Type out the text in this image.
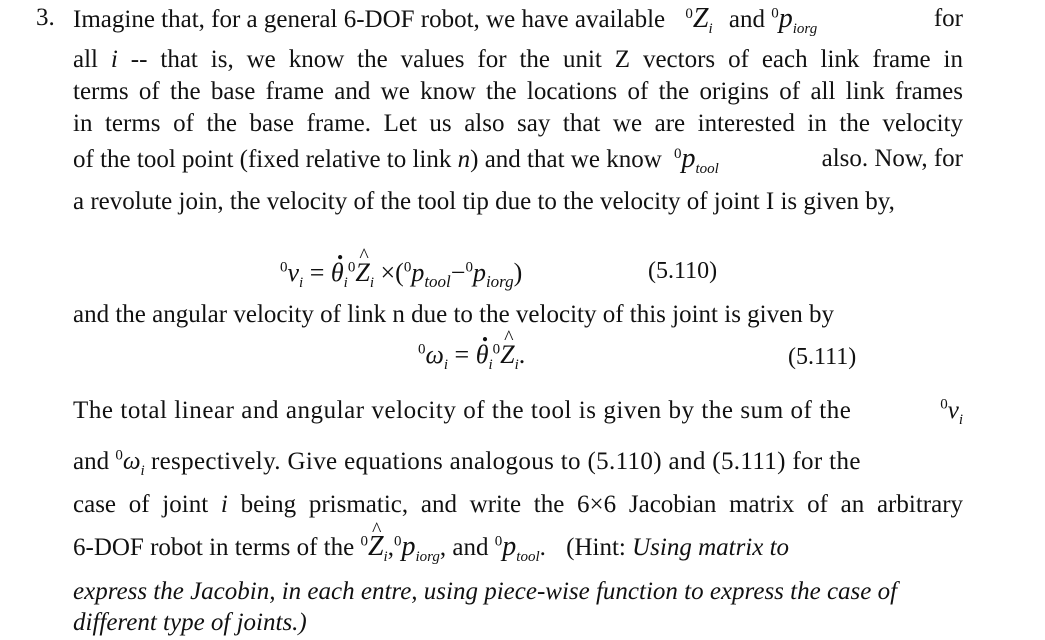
3. Imagine that, for a general 6-DOF robot, we have available $^0Z_i$ and $^0p_{iorg}$	for
all i -- that is, we know the values for the unit Z vectors of each link frame in
terms of the base frame and we know the locations of the origins of all link frames
in terms of the base frame. Let us also say that we are interested in the velocity
of the tool point (fixed relative to link n) and that we know $^0p_{tool}$	also. Now, for
a revolute join, the velocity of the tool tip due to the velocity of joint I is given by,
$^0v_i$ = . $\theta_i^0\^{}$ $Z_i \times(^0p_{tool}-^0p_{iorg})$	(5.110)
and the angular velocity of link n due to the velocity of this joint is given by
$^0\omega_i$ = . $\theta_i^0\^{}$ $Z_i$.	(5.111)
The total linear and angular velocity of the tool is given by the sum of the	$^0v_i$
and $^0\omega_i$ respectively. Give equations analogous to (5.110) and (5.111) for the
case of joint i being prismatic, and write the 6×6 Jacobian matrix of an arbitrary
6-DOF robot in terms of the $^0$^ $Z_i,^0p_{iorg}$, and $^0p_{tool}$. (Hint: Using matrix to
express the Jacobin, in each entre, using piece-wise function to express the case of
different type of joints.)
